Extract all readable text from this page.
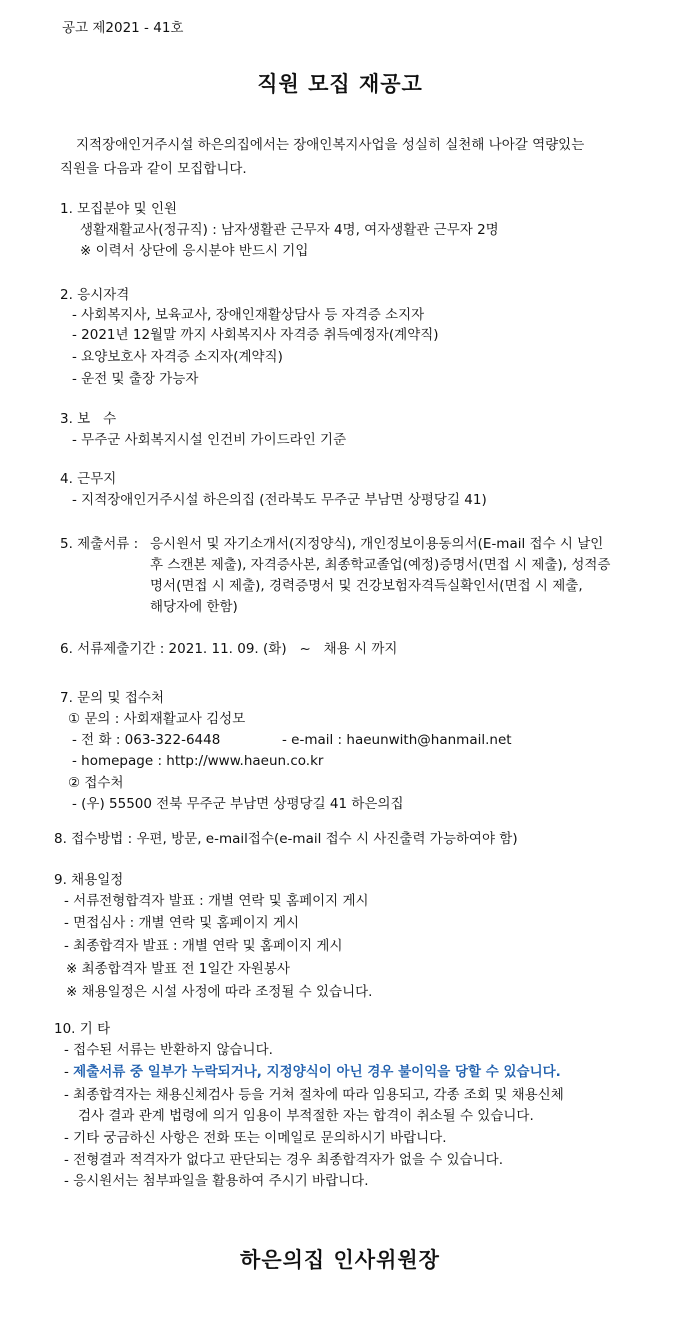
공고 제2021 - 41호
직원 모집 재공고
지적장애인거주시설 하은의집에서는 장애인복지사업을 성실히 실천해 나아갈 역량있는
직원을 다음과 같이 모집합니다.
1. 모집분야 및 인원
생활재활교사(정규직) : 남자생활관 근무자 4명, 여자생활관 근무자 2명
※ 이력서 상단에 응시분야 반드시 기입
2. 응시자격
- 사회복지사, 보육교사, 장애인재활상담사 등 자격증 소지자
- 2021년 12월말 까지 사회복지사 자격증 취득예정자(계약직)
- 요양보호사 자격증 소지자(계약직)
- 운전 및 출장 가능자
3. 보   수
- 무주군 사회복지시설 인건비 가이드라인 기준
4. 근무지
- 지적장애인거주시설 하은의집 (전라북도 무주군 부남면 상평당길 41)
5. 제출서류 : 응시원서 및 자기소개서(지정양식), 개인정보이용동의서(E-mail 접수 시 날인
후 스캔본 제출), 자격증사본, 최종학교졸업(예정)증명서(면접 시 제출), 성적증
명서(면접 시 제출), 경력증명서 및 건강보험자격득실확인서(면접 시 제출,
해당자에 한함)
6. 서류제출기간 : 2021. 11. 09. (화)   ~   채용 시 까지
7. 문의 및 접수처
① 문의 : 사회재활교사 김성모
- 전 화 : 063-322-6448	- e-mail : haeunwith@hanmail.net
- homepage : http://www.haeun.co.kr
② 접수처
- (우) 55500 전북 무주군 부남면 상평당길 41 하은의집
8. 접수방법 : 우편, 방문, e-mail접수(e-mail 접수 시 사진출력 가능하여야 함)
9. 채용일정
- 서류전형합격자 발표 : 개별 연락 및 홈페이지 게시
- 면접심사 : 개별 연락 및 홈페이지 게시
- 최종합격자 발표 : 개별 연락 및 홈페이지 게시
※ 최종합격자 발표 전 1일간 자원봉사
※ 채용일정은 시설 사정에 따라 조정될 수 있습니다.
10. 기 타
- 접수된 서류는 반환하지 않습니다.
- 제출서류 중 일부가 누락되거나, 지정양식이 아닌 경우 불이익을 당할 수 있습니다.
- 최종합격자는 채용신체검사 등을 거쳐 절차에 따라 임용되고, 각종 조회 및 채용신체
검사 결과 관계 법령에 의거 임용이 부적절한 자는 합격이 취소될 수 있습니다.
- 기타 궁금하신 사항은 전화 또는 이메일로 문의하시기 바랍니다.
- 전형결과 적격자가 없다고 판단되는 경우 최종합격자가 없을 수 있습니다.
- 응시원서는 첨부파일을 활용하여 주시기 바랍니다.
하은의집 인사위원장
